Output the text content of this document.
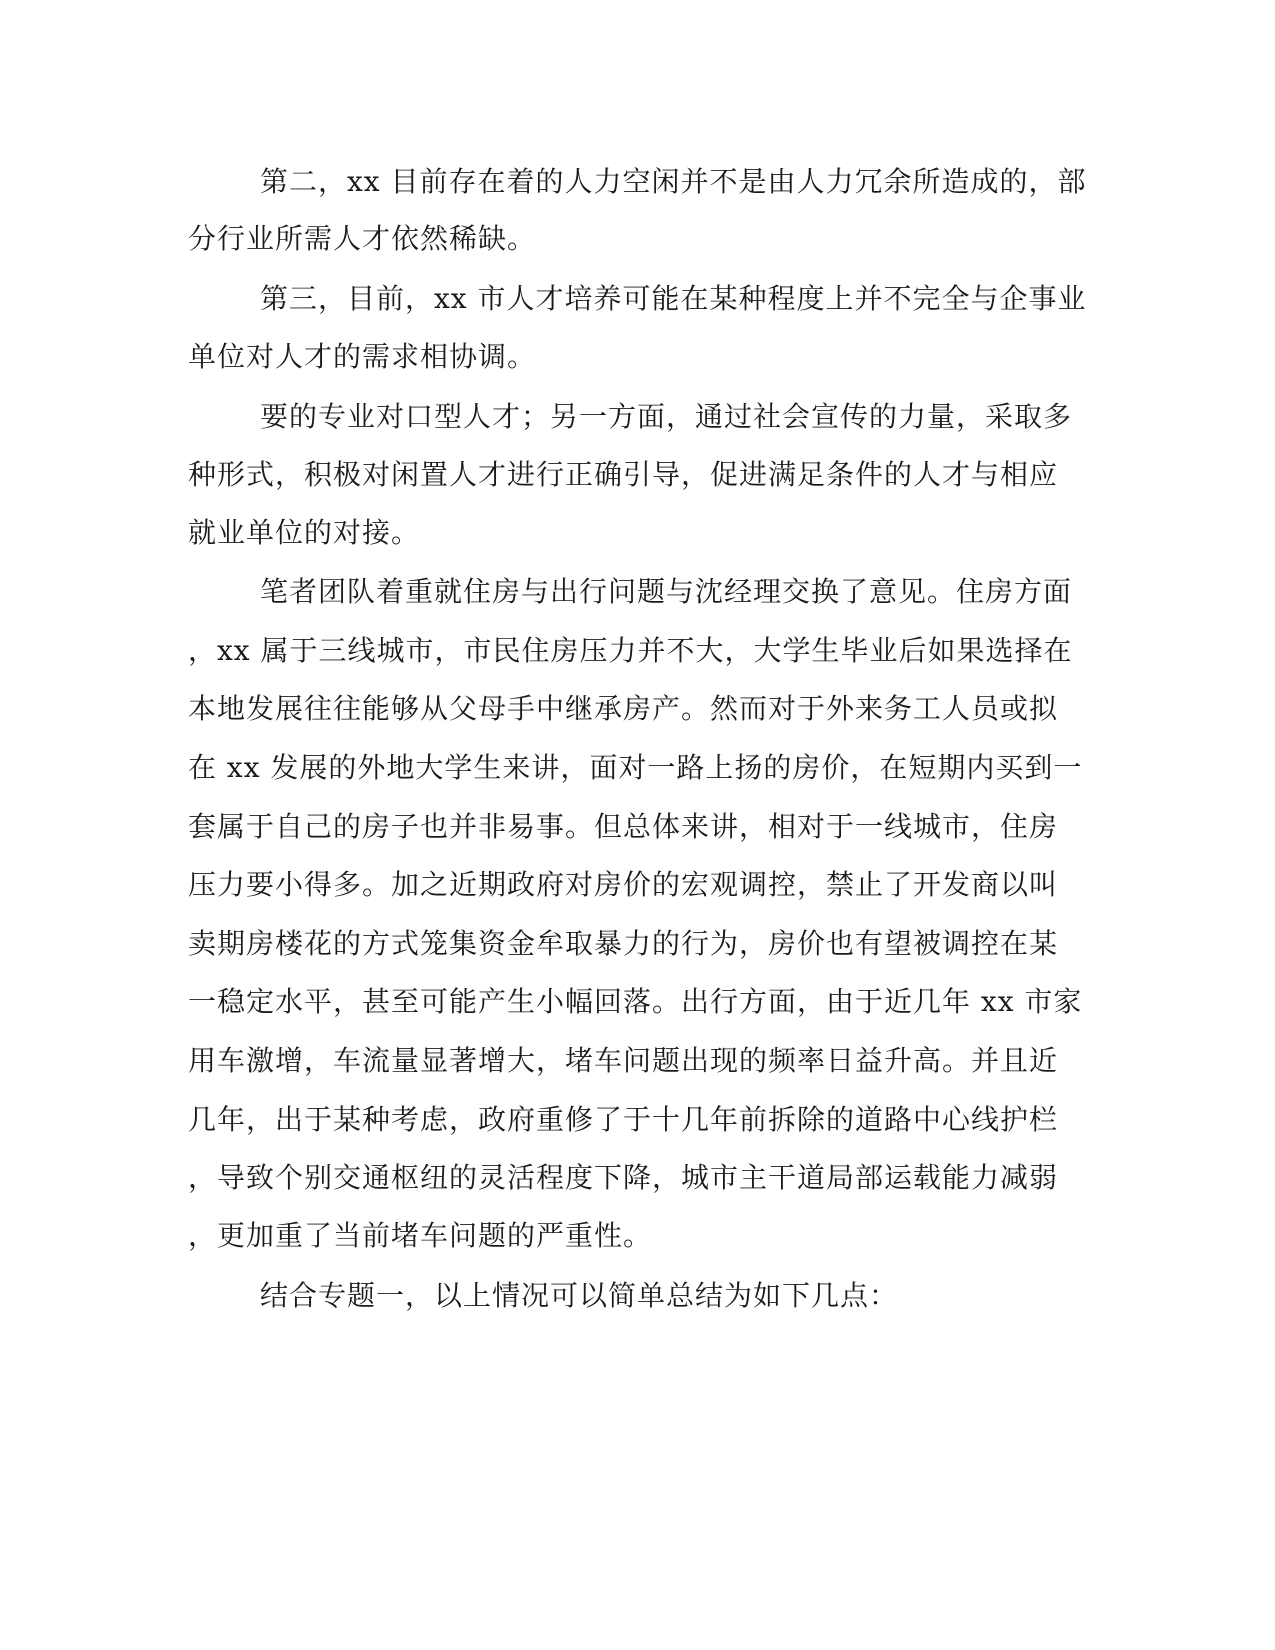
第二，xx 目前存在着的人力空闲并不是由人力冗余所造成的，部
分行业所需人才依然稀缺。
第三，目前，xx 市人才培养可能在某种程度上并不完全与企事业
单位对人才的需求相协调。
要的专业对口型人才；另一方面，通过社会宣传的力量，采取多
种形式，积极对闲置人才进行正确引导，促进满足条件的人才与相应
就业单位的对接。
笔者团队着重就住房与出行问题与沈经理交换了意见。住房方面
，xx 属于三线城市，市民住房压力并不大，大学生毕业后如果选择在
本地发展往往能够从父母手中继承房产。然而对于外来务工人员或拟
在 xx 发展的外地大学生来讲，面对一路上扬的房价，在短期内买到一
套属于自己的房子也并非易事。但总体来讲，相对于一线城市，住房
压力要小得多。加之近期政府对房价的宏观调控，禁止了开发商以叫
卖期房楼花的方式笼集资金牟取暴力的行为，房价也有望被调控在某
一稳定水平，甚至可能产生小幅回落。出行方面，由于近几年 xx 市家
用车激增，车流量显著增大，堵车问题出现的频率日益升高。并且近
几年，出于某种考虑，政府重修了于十几年前拆除的道路中心线护栏
，导致个别交通枢纽的灵活程度下降，城市主干道局部运载能力减弱
，更加重了当前堵车问题的严重性。
结合专题一，以上情况可以简单总结为如下几点：
